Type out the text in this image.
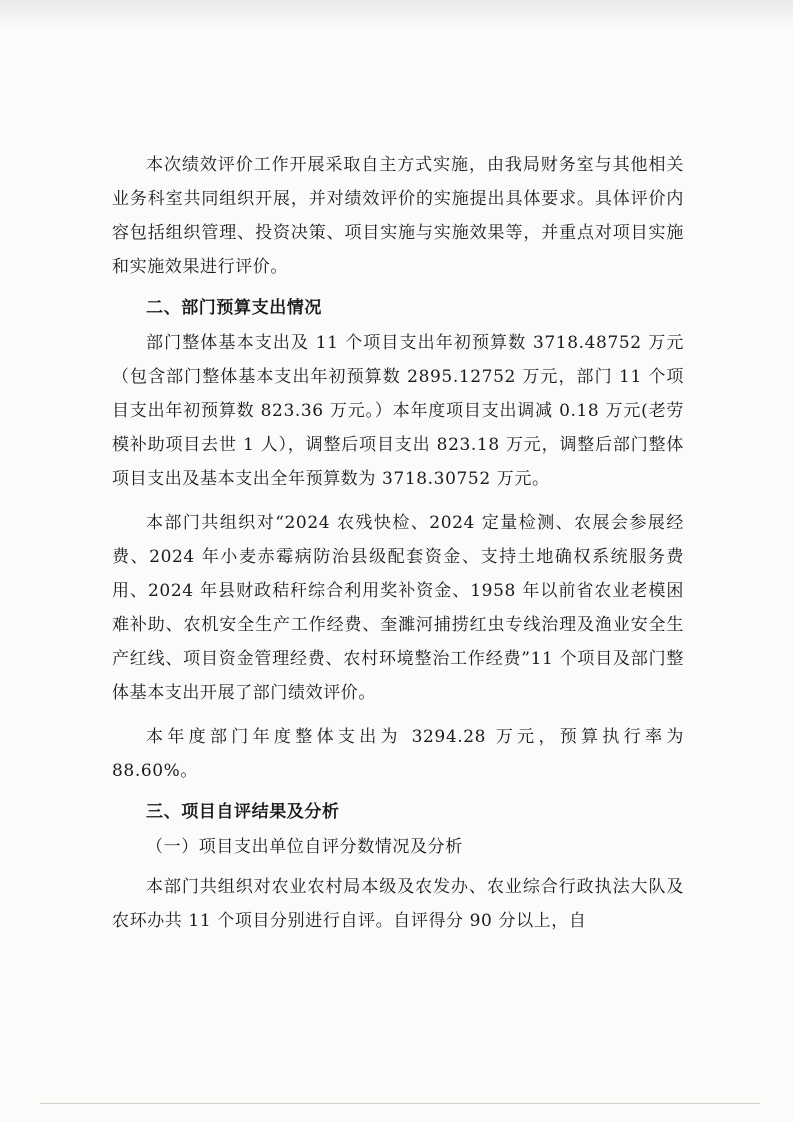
本次绩效评价工作开展采取自主方式实施，由我局财务室与其他相关业务科室共同组织开展，并对绩效评价的实施提出具体要求。具体评价内容包括组织管理、投资决策、项目实施与实施效果等，并重点对项目实施和实施效果进行评价。

二、部门预算支出情况

部门整体基本支出及 11 个项目支出年初预算数 3718.48752 万元（包含部门整体基本支出年初预算数 2895.12752 万元，部门 11 个项目支出年初预算数 823.36 万元。）本年度项目支出调减 0.18 万元(老劳模补助项目去世 1 人），调整后项目支出 823.18 万元，调整后部门整体项目支出及基本支出全年预算数为 3718.30752 万元。

本部门共组织对“2024 农残快检、2024 定量检测、农展会参展经费、2024 年小麦赤霉病防治县级配套资金、支持土地确权系统服务费用、2024 年县财政秸秆综合利用奖补资金、1958 年以前省农业老模困难补助、农机安全生产工作经费、奎濉河捕捞红虫专线治理及渔业安全生产红线、项目资金管理经费、农村环境整治工作经费”11 个项目及部门整体基本支出开展了部门绩效评价。

本年度部门年度整体支出为 3294.28 万元，预算执行率为 88.60%。

三、项目自评结果及分析

（一）项目支出单位自评分数情况及分析

本部门共组织对农业农村局本级及农发办、农业综合行政执法大队及农环办共 11 个项目分别进行自评。自评得分 90 分以上，自
